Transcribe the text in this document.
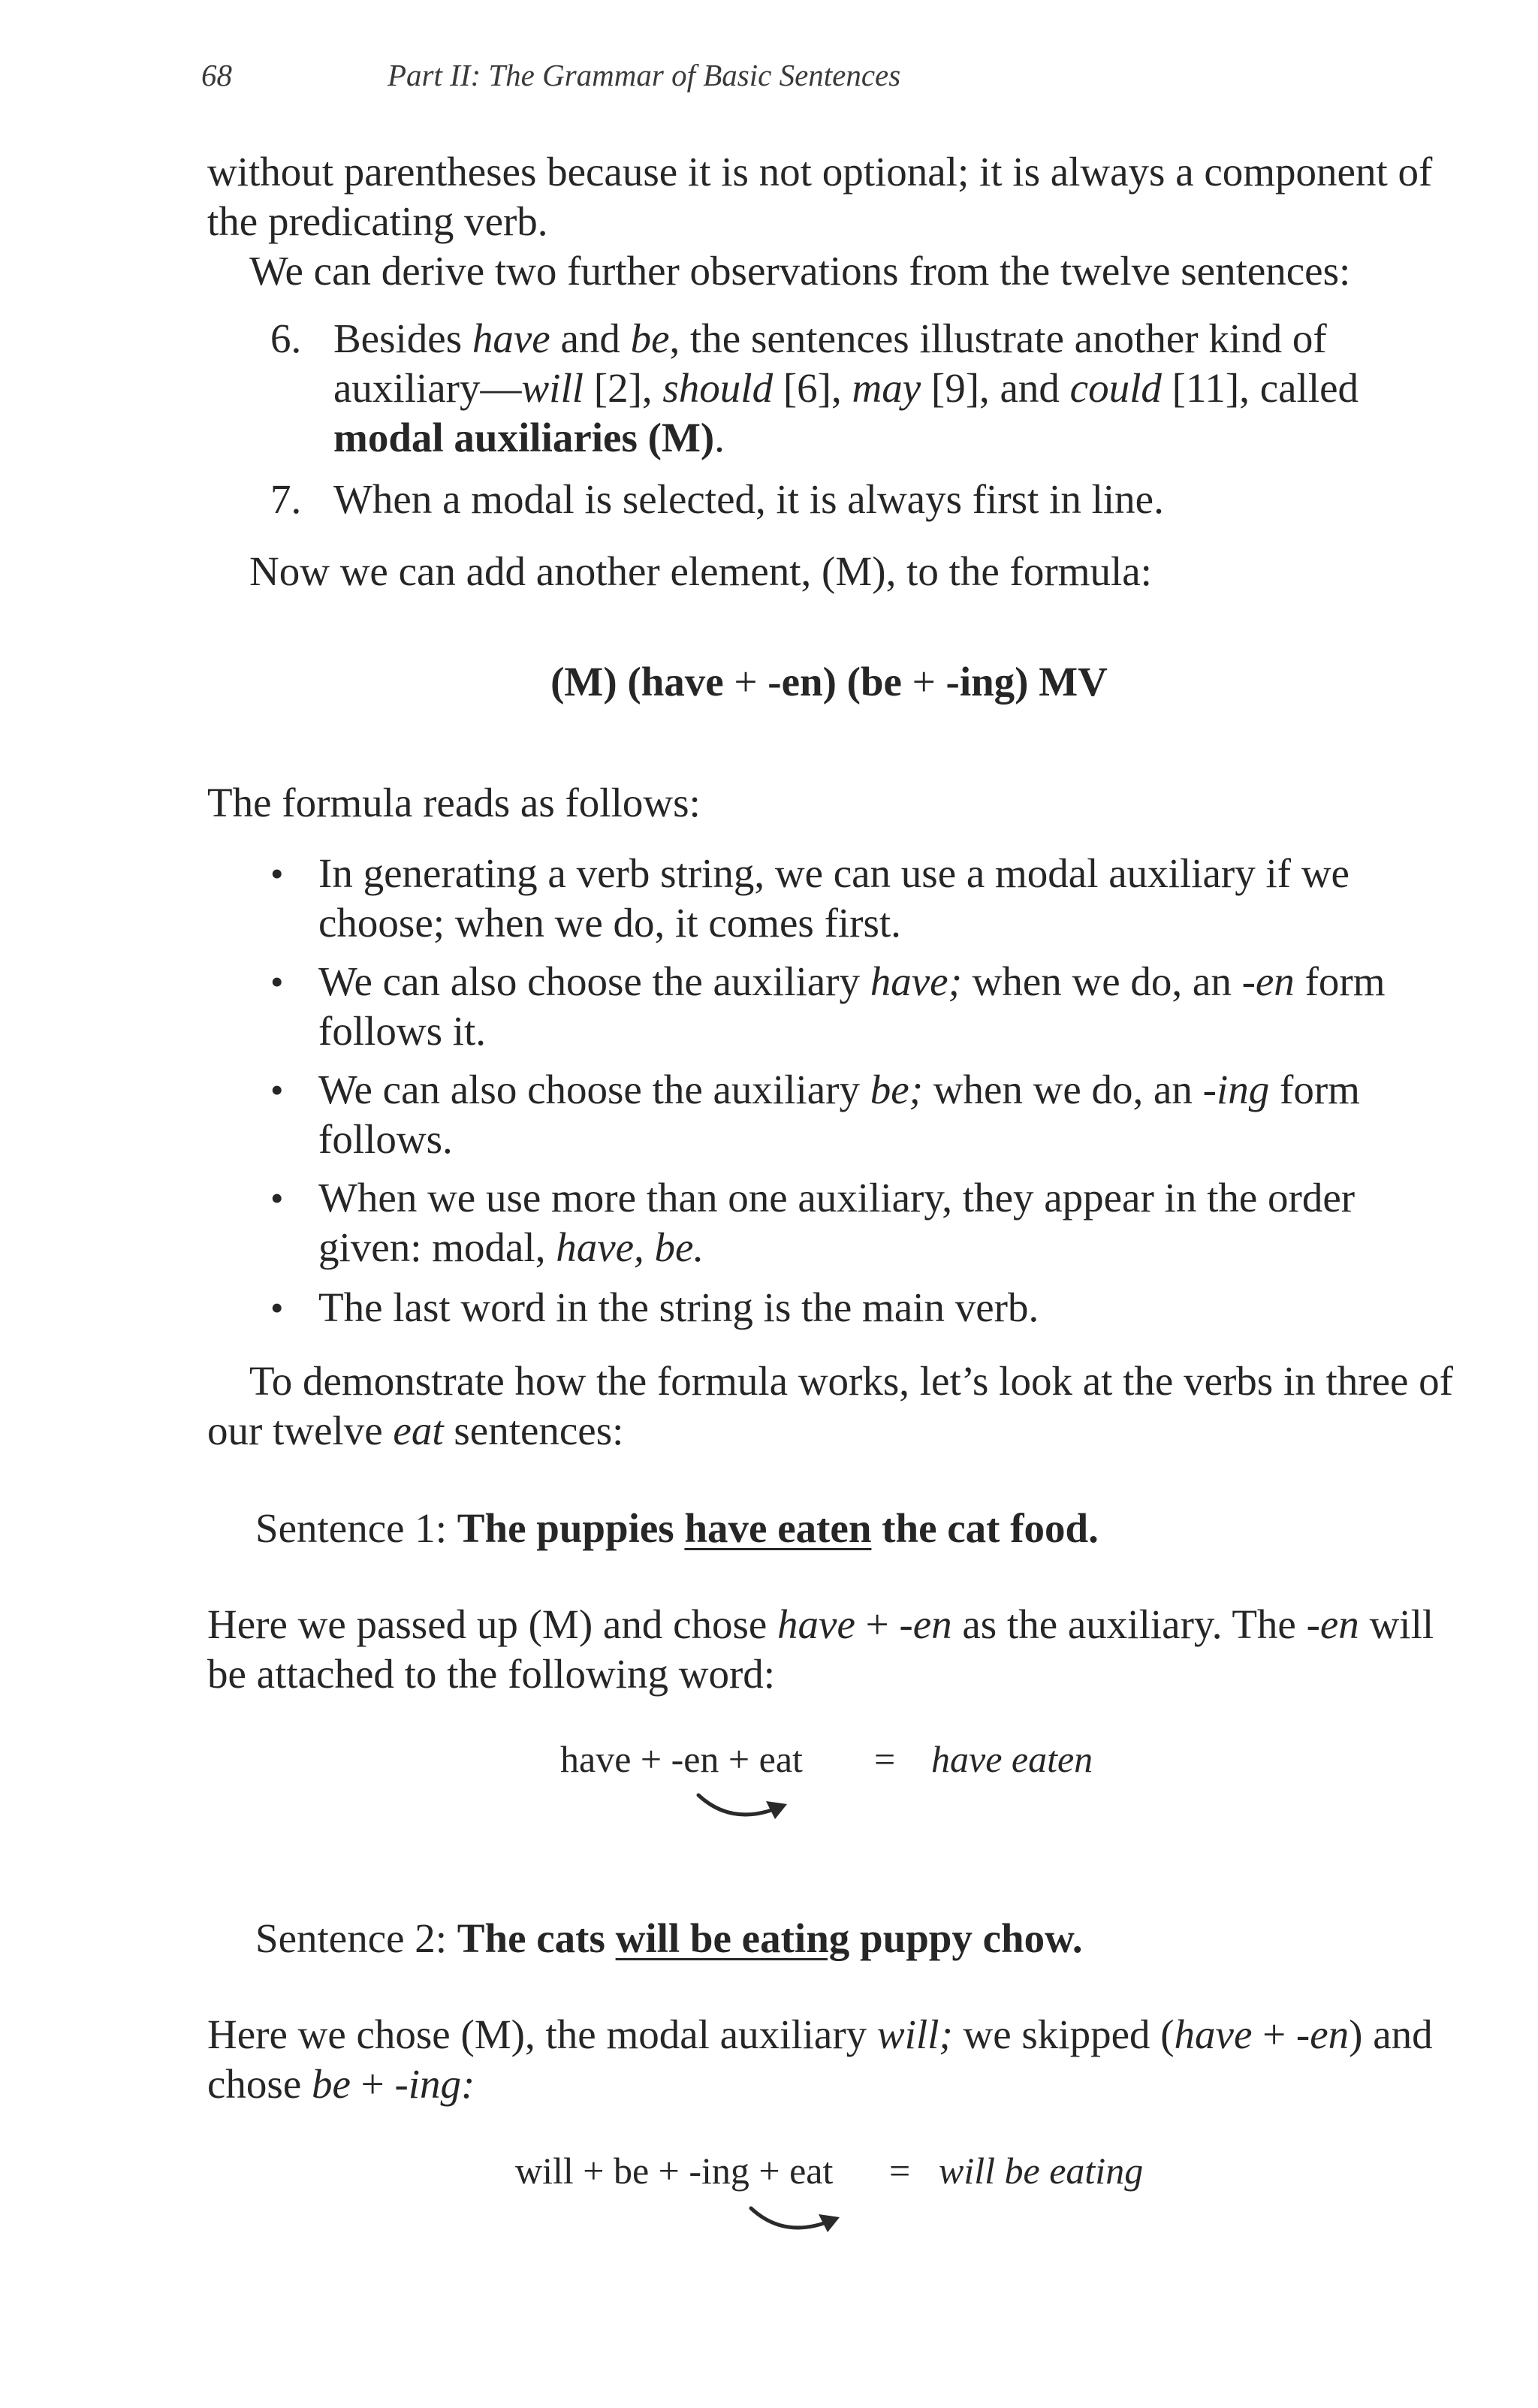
68	Part II: The Grammar of Basic Sentences

without parentheses because it is not optional; it is always a component of the predicating verb.

We can derive two further observations from the twelve sentences:

6. Besides have and be, the sentences illustrate another kind of auxiliary—will [2], should [6], may [9], and could [11], called modal auxiliaries (M).
7. When a modal is selected, it is always first in line.

Now we can add another element, (M), to the formula:

(M) (have + -en) (be + -ing) MV

The formula reads as follows:

• In generating a verb string, we can use a modal auxiliary if we choose; when we do, it comes first.
• We can also choose the auxiliary have; when we do, an -en form follows it.
• We can also choose the auxiliary be; when we do, an -ing form follows.
• When we use more than one auxiliary, they appear in the order given: modal, have, be.
• The last word in the string is the main verb.

To demonstrate how the formula works, let’s look at the verbs in three of our twelve eat sentences:

Sentence 1: The puppies have eaten the cat food.

Here we passed up (M) and chose have + -en as the auxiliary. The -en will be attached to the following word:

have + -en + eat = have eaten
Sentence 2: The cats will be eating puppy chow.

Here we chose (M), the modal auxiliary will; we skipped (have + -en) and chose be + -ing:

will + be + -ing + eat = will be eating
